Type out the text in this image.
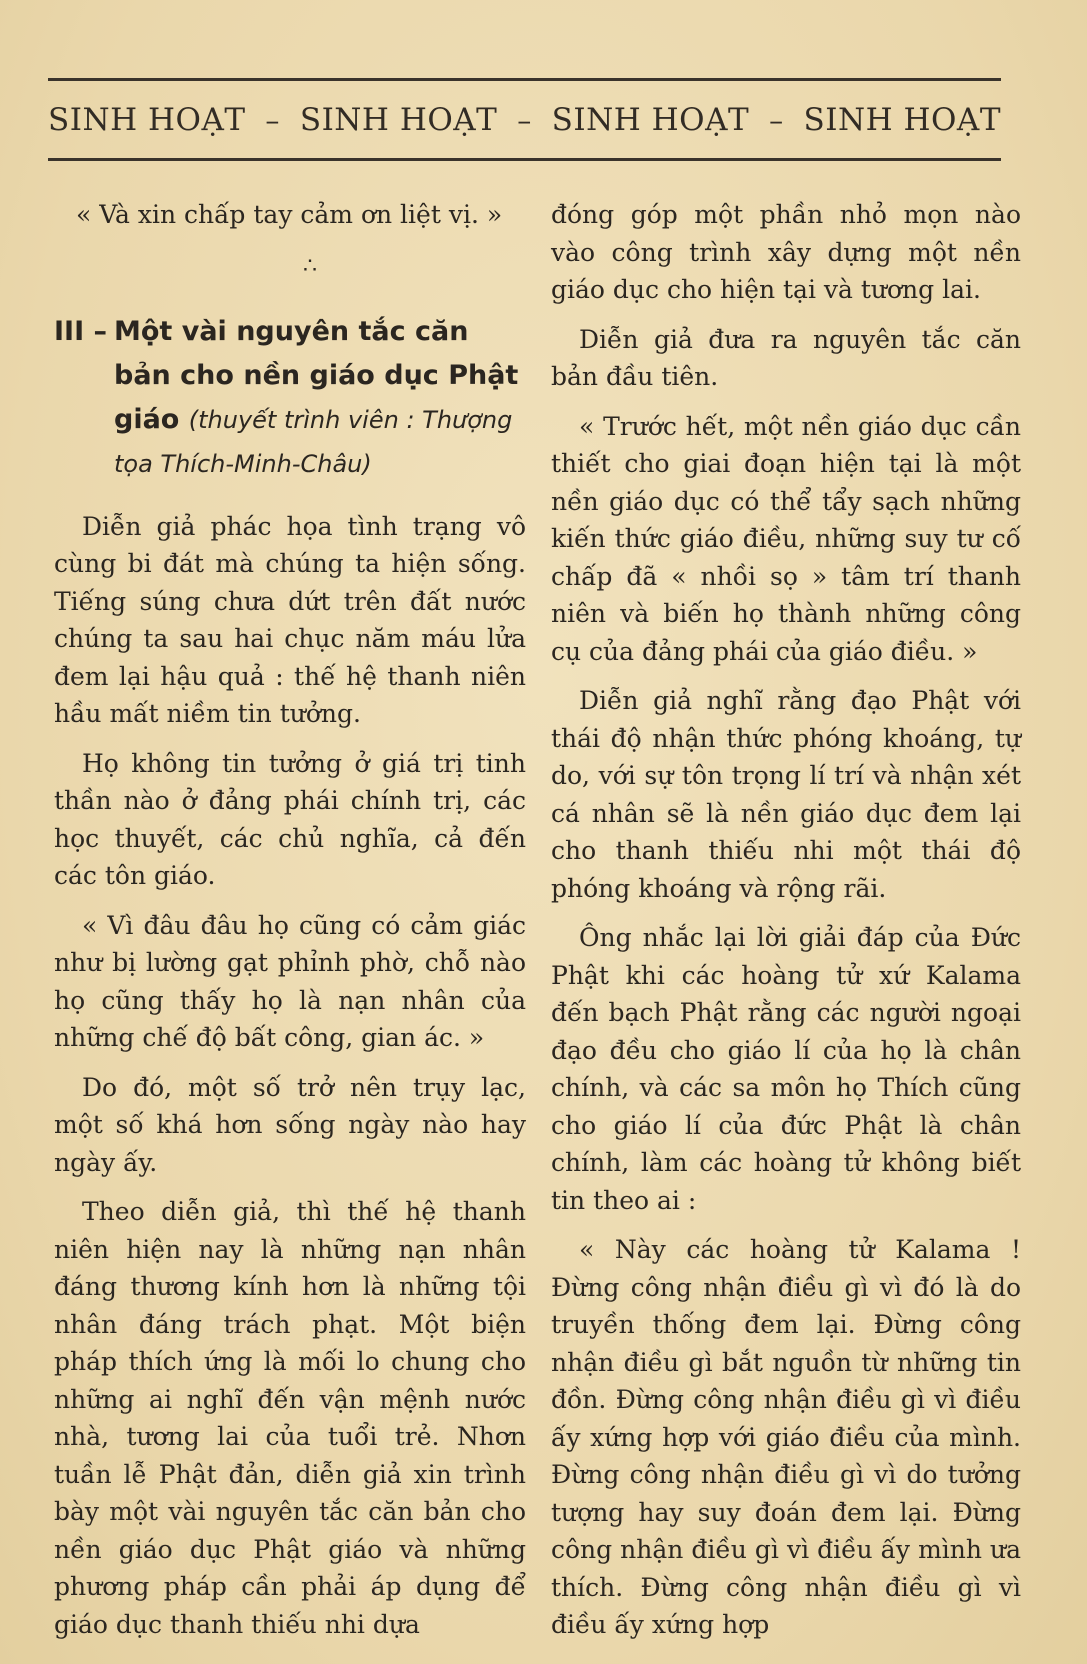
SINH HOẠT – SINH HOẠT – SINH HOẠT – SINH HOẠT

« Và xin chấp tay cảm ơn liệt vị. »

∴
III – Một vài nguyên tắc căn bản cho nền giáo dục Phật giáo (thuyết trình viên : Thượng tọa Thích-Minh-Châu)

Diễn giả phác họa tình trạng vô cùng bi đát mà chúng ta hiện sống. Tiếng súng chưa dứt trên đất nước chúng ta sau hai chục năm máu lửa đem lại hậu quả : thế hệ thanh niên hầu mất niềm tin tưởng.

Họ không tin tưởng ở giá trị tinh thần nào ở đảng phái chính trị, các học thuyết, các chủ nghĩa, cả đến các tôn giáo.

« Vì đâu đâu họ cũng có cảm giác như bị lường gạt phỉnh phờ, chỗ nào họ cũng thấy họ là nạn nhân của những chế độ bất công, gian ác. »

Do đó, một số trở nên trụy lạc, một số khá hơn sống ngày nào hay ngày ấy.

Theo diễn giả, thì thế hệ thanh niên hiện nay là những nạn nhân đáng thương kính hơn là những tội nhân đáng trách phạt. Một biện pháp thích ứng là mối lo chung cho những ai nghĩ đến vận mệnh nước nhà, tương lai của tuổi trẻ. Nhơn tuần lễ Phật đản, diễn giả xin trình bày một vài nguyên tắc căn bản cho nền giáo dục Phật giáo và những phương pháp cần phải áp dụng để giáo dục thanh thiếu nhi dựa

đóng góp một phần nhỏ mọn nào vào công trình xây dựng một nền giáo dục cho hiện tại và tương lai.

Diễn giả đưa ra nguyên tắc căn bản đầu tiên.

« Trước hết, một nền giáo dục cần thiết cho giai đoạn hiện tại là một nền giáo dục có thể tẩy sạch những kiến thức giáo điều, những suy tư cố chấp đã « nhồi sọ » tâm trí thanh niên và biến họ thành những công cụ của đảng phái của giáo điều. »

Diễn giả nghĩ rằng đạo Phật với thái độ nhận thức phóng khoáng, tự do, với sự tôn trọng lí trí và nhận xét cá nhân sẽ là nền giáo dục đem lại cho thanh thiếu nhi một thái độ phóng khoáng và rộng rãi.

Ông nhắc lại lời giải đáp của Đức Phật khi các hoàng tử xứ Kalama đến bạch Phật rằng các người ngoại đạo đều cho giáo lí của họ là chân chính, và các sa môn họ Thích cũng cho giáo lí của đức Phật là chân chính, làm các hoàng tử không biết tin theo ai :

« Này các hoàng tử Kalama ! Đừng công nhận điều gì vì đó là do truyền thống đem lại. Đừng công nhận điều gì bắt nguồn từ những tin đồn. Đừng công nhận điều gì vì điều ấy xứng hợp với giáo điều của mình. Đừng công nhận điều gì vì do tưởng tượng hay suy đoán đem lại. Đừng công nhận điều gì vì điều ấy mình ưa thích. Đừng công nhận điều gì vì điều ấy xứng hợp
